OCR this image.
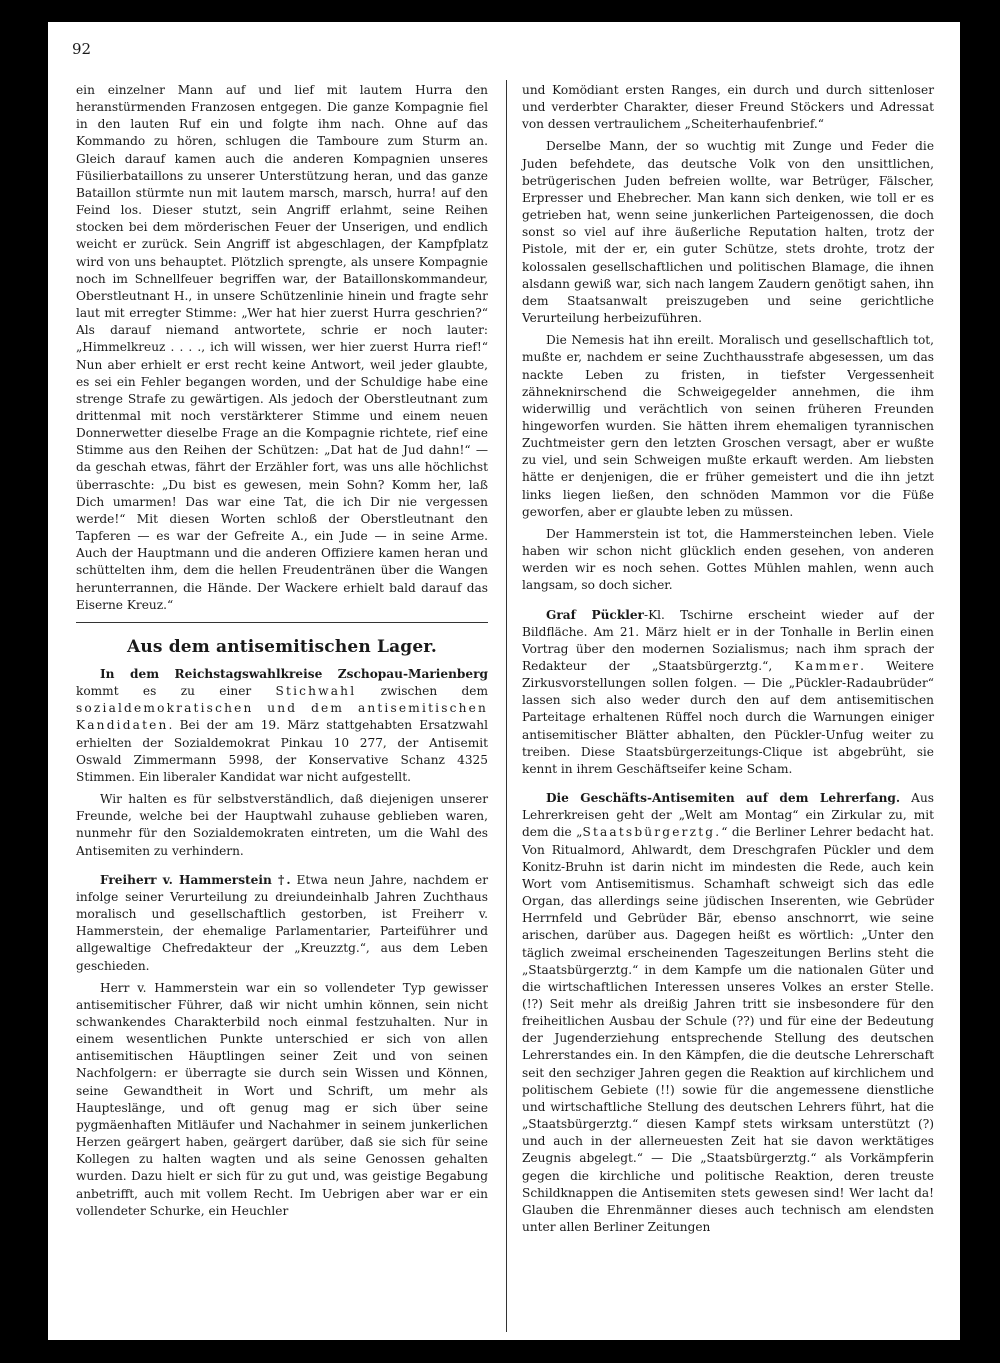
92

ein einzelner Mann auf und lief mit lautem Hurra den heranstürmenden Franzosen entgegen. Die ganze Kompagnie fiel in den lauten Ruf ein und folgte ihm nach. Ohne auf das Kommando zu hören, schlugen die Tamboure zum Sturm an. Gleich darauf kamen auch die anderen Kompagnien unseres Füsilierbataillons zu unserer Unterstützung heran, und das ganze Bataillon stürmte nun mit lautem marsch, marsch, hurra! auf den Feind los. Dieser stutzt, sein Angriff erlahmt, seine Reihen stocken bei dem mörderischen Feuer der Unserigen, und endlich weicht er zurück. Sein Angriff ist abgeschlagen, der Kampfplatz wird von uns behauptet. Plötzlich sprengte, als unsere Kompagnie noch im Schnellfeuer begriffen war, der Bataillonskommandeur, Oberstleutnant H., in unsere Schützenlinie hinein und fragte sehr laut mit erregter Stimme: „Wer hat hier zuerst Hurra geschrien?“ Als darauf niemand antwortete, schrie er noch lauter: „Himmelkreuz . . . ., ich will wissen, wer hier zuerst Hurra rief!“ Nun aber erhielt er erst recht keine Antwort, weil jeder glaubte, es sei ein Fehler begangen worden, und der Schuldige habe eine strenge Strafe zu gewärtigen. Als jedoch der Oberstleutnant zum drittenmal mit noch verstärkterer Stimme und einem neuen Donnerwetter dieselbe Frage an die Kompagnie richtete, rief eine Stimme aus den Reihen der Schützen: „Dat hat de Jud dahn!“ — da geschah etwas, fährt der Erzähler fort, was uns alle höchlichst überraschte: „Du bist es gewesen, mein Sohn? Komm her, laß Dich umarmen! Das war eine Tat, die ich Dir nie vergessen werde!“ Mit diesen Worten schloß der Oberstleutnant den Tapferen — es war der Gefreite A., ein Jude — in seine Arme. Auch der Hauptmann und die anderen Offiziere kamen heran und schüttelten ihm, dem die hellen Freudentränen über die Wangen herunterrannen, die Hände. Der Wackere erhielt bald darauf das Eiserne Kreuz.“

Aus dem antisemitischen Lager.

In dem Reichstagswahlkreise Zschopau-Marienberg kommt es zu einer Stichwahl zwischen dem sozialdemokratischen und dem antisemitischen Kandidaten. Bei der am 19. März stattgehabten Ersatzwahl erhielten der Sozialdemokrat Pinkau 10 277, der Antisemit Oswald Zimmermann 5998, der Konservative Schanz 4325 Stimmen. Ein liberaler Kandidat war nicht aufgestellt.

Wir halten es für selbstverständlich, daß diejenigen unserer Freunde, welche bei der Hauptwahl zuhause geblieben waren, nunmehr für den Sozialdemokraten eintreten, um die Wahl des Antisemiten zu verhindern.

Freiherr v. Hammerstein †. Etwa neun Jahre, nachdem er infolge seiner Verurteilung zu dreiundeinhalb Jahren Zuchthaus moralisch und gesellschaftlich gestorben, ist Freiherr v. Hammerstein, der ehemalige Parlamentarier, Parteiführer und allgewaltige Chefredakteur der „Kreuzztg.“, aus dem Leben geschieden.

Herr v. Hammerstein war ein so vollendeter Typ gewisser antisemitischer Führer, daß wir nicht umhin können, sein nicht schwankendes Charakterbild noch einmal festzuhalten. Nur in einem wesentlichen Punkte unterschied er sich von allen antisemitischen Häuptlingen seiner Zeit und von seinen Nachfolgern: er überragte sie durch sein Wissen und Können, seine Gewandtheit in Wort und Schrift, um mehr als Haupteslänge, und oft genug mag er sich über seine pygmäenhaften Mitläufer und Nachahmer in seinem junkerlichen Herzen geärgert haben, geärgert darüber, daß sie sich für seine Kollegen zu halten wagten und als seine Genossen gehalten wurden. Dazu hielt er sich für zu gut und, was geistige Begabung anbetrifft, auch mit vollem Recht. Im Uebrigen aber war er ein vollendeter Schurke, ein Heuchler

und Komödiant ersten Ranges, ein durch und durch sittenloser und verderbter Charakter, dieser Freund Stöckers und Adressat von dessen vertraulichem „Scheiterhaufenbrief.“

Derselbe Mann, der so wuchtig mit Zunge und Feder die Juden befehdete, das deutsche Volk von den unsittlichen, betrügerischen Juden befreien wollte, war Betrüger, Fälscher, Erpresser und Ehebrecher. Man kann sich denken, wie toll er es getrieben hat, wenn seine junkerlichen Parteigenossen, die doch sonst so viel auf ihre äußerliche Reputation halten, trotz der Pistole, mit der er, ein guter Schütze, stets drohte, trotz der kolossalen gesellschaftlichen und politischen Blamage, die ihnen alsdann gewiß war, sich nach langem Zaudern genötigt sahen, ihn dem Staatsanwalt preiszugeben und seine gerichtliche Verurteilung herbeizuführen.

Die Nemesis hat ihn ereilt. Moralisch und gesellschaftlich tot, mußte er, nachdem er seine Zuchthausstrafe abgesessen, um das nackte Leben zu fristen, in tiefster Vergessenheit zähneknirschend die Schweigegelder annehmen, die ihm widerwillig und verächtlich von seinen früheren Freunden hingeworfen wurden. Sie hätten ihrem ehemaligen tyrannischen Zuchtmeister gern den letzten Groschen versagt, aber er wußte zu viel, und sein Schweigen mußte erkauft werden. Am liebsten hätte er denjenigen, die er früher gemeistert und die ihn jetzt links liegen ließen, den schnöden Mammon vor die Füße geworfen, aber er glaubte leben zu müssen.

Der Hammerstein ist tot, die Hammersteinchen leben. Viele haben wir schon nicht glücklich enden gesehen, von anderen werden wir es noch sehen. Gottes Mühlen mahlen, wenn auch langsam, so doch sicher.

Graf Pückler-Kl. Tschirne erscheint wieder auf der Bildfläche. Am 21. März hielt er in der Tonhalle in Berlin einen Vortrag über den modernen Sozialismus; nach ihm sprach der Redakteur der „Staatsbürgerztg.“, Kammer. Weitere Zirkusvorstellungen sollen folgen. — Die „Pückler-Radaubrüder“ lassen sich also weder durch den auf dem antisemitischen Parteitage erhaltenen Rüffel noch durch die Warnungen einiger antisemitischer Blätter abhalten, den Pückler-Unfug weiter zu treiben. Diese Staatsbürgerzeitungs-Clique ist abgebrüht, sie kennt in ihrem Geschäftseifer keine Scham.

Die Geschäfts-Antisemiten auf dem Lehrerfang. Aus Lehrerkreisen geht der „Welt am Montag“ ein Zirkular zu, mit dem die „Staatsbürgerztg.“ die Berliner Lehrer bedacht hat. Von Ritualmord, Ahlwardt, dem Dreschgrafen Pückler und dem Konitz-Bruhn ist darin nicht im mindesten die Rede, auch kein Wort vom Antisemitismus. Schamhaft schweigt sich das edle Organ, das allerdings seine jüdischen Inserenten, wie Gebrüder Herrnfeld und Gebrüder Bär, ebenso anschnorrt, wie seine arischen, darüber aus. Dagegen heißt es wörtlich: „Unter den täglich zweimal erscheinenden Tageszeitungen Berlins steht die „Staatsbürgerztg.“ in dem Kampfe um die nationalen Güter und die wirtschaftlichen Interessen unseres Volkes an erster Stelle. (!?) Seit mehr als dreißig Jahren tritt sie insbesondere für den freiheitlichen Ausbau der Schule (??) und für eine der Bedeutung der Jugenderziehung entsprechende Stellung des deutschen Lehrerstandes ein. In den Kämpfen, die die deutsche Lehrerschaft seit den sechziger Jahren gegen die Reaktion auf kirchlichem und politischem Gebiete (!!) sowie für die angemessene dienstliche und wirtschaftliche Stellung des deutschen Lehrers führt, hat die „Staatsbürgerztg.“ diesen Kampf stets wirksam unterstützt (?) und auch in der allerneuesten Zeit hat sie davon werktätiges Zeugnis abgelegt.“ — Die „Staatsbürgerztg.“ als Vorkämpferin gegen die kirchliche und politische Reaktion, deren treuste Schildknappen die Antisemiten stets gewesen sind! Wer lacht da! Glauben die Ehrenmänner dieses auch technisch am elendsten unter allen Berliner Zeitungen
